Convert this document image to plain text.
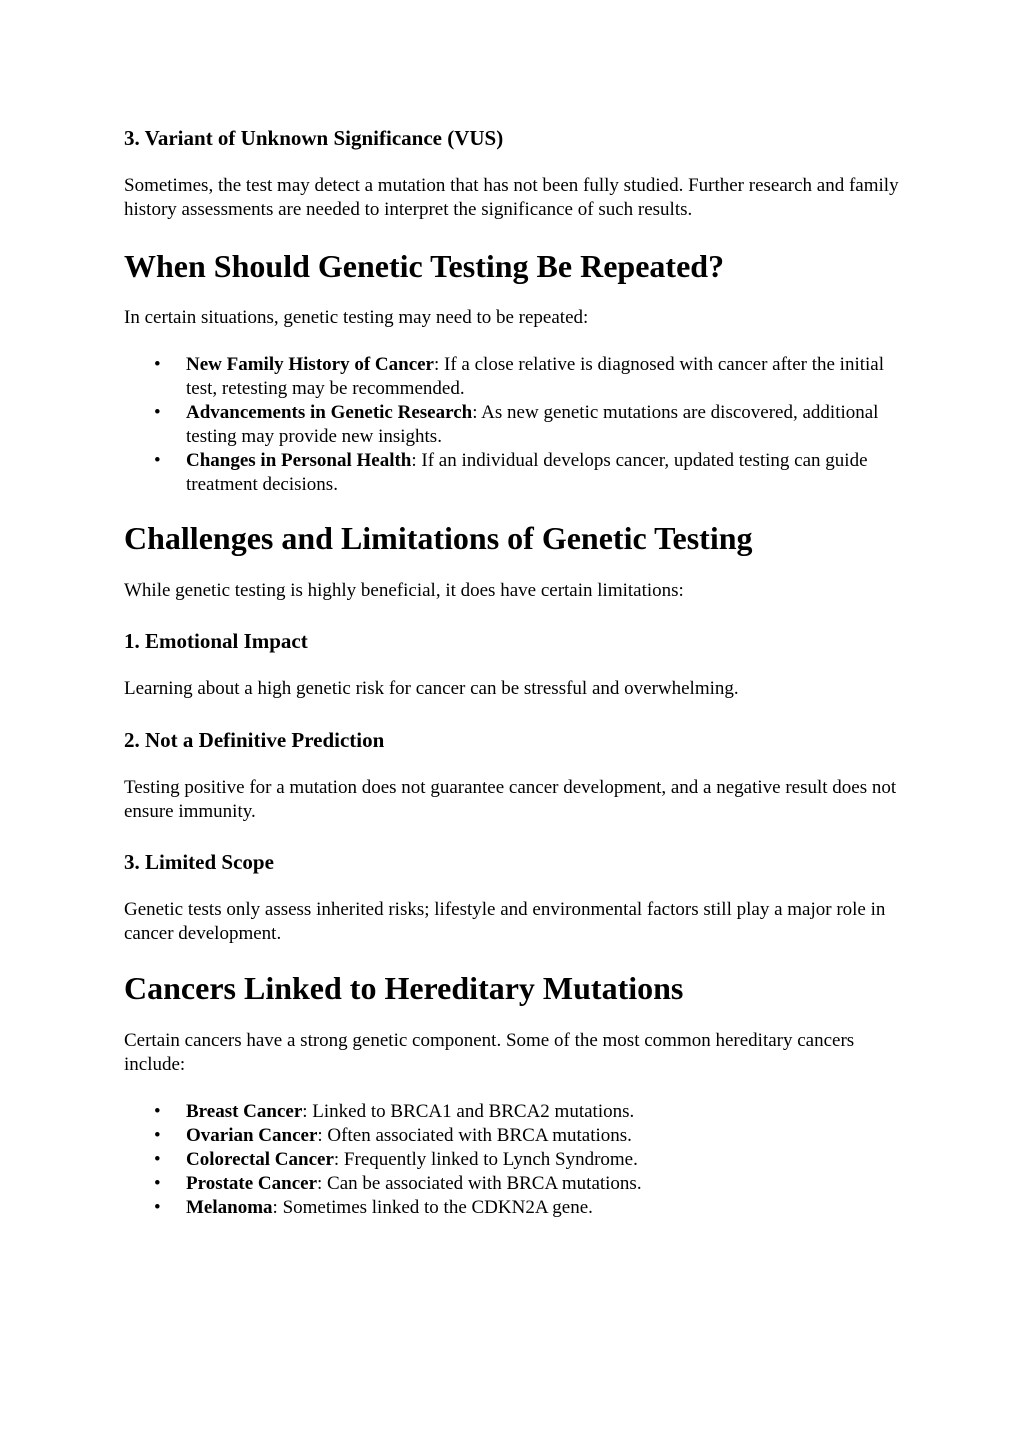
3. Variant of Unknown Significance (VUS)

Sometimes, the test may detect a mutation that has not been fully studied. Further research and family history assessments are needed to interpret the significance of such results.

When Should Genetic Testing Be Repeated?

In certain situations, genetic testing may need to be repeated:

• New Family History of Cancer: If a close relative is diagnosed with cancer after the initial test, retesting may be recommended.
• Advancements in Genetic Research: As new genetic mutations are discovered, additional testing may provide new insights.
• Changes in Personal Health: If an individual develops cancer, updated testing can guide treatment decisions.
Challenges and Limitations of Genetic Testing

While genetic testing is highly beneficial, it does have certain limitations:

1. Emotional Impact

Learning about a high genetic risk for cancer can be stressful and overwhelming.

2. Not a Definitive Prediction

Testing positive for a mutation does not guarantee cancer development, and a negative result does not ensure immunity.

3. Limited Scope

Genetic tests only assess inherited risks; lifestyle and environmental factors still play a major role in cancer development.

Cancers Linked to Hereditary Mutations

Certain cancers have a strong genetic component. Some of the most common hereditary cancers include:

• Breast Cancer: Linked to BRCA1 and BRCA2 mutations.
• Ovarian Cancer: Often associated with BRCA mutations.
• Colorectal Cancer: Frequently linked to Lynch Syndrome.
• Prostate Cancer: Can be associated with BRCA mutations.
• Melanoma: Sometimes linked to the CDKN2A gene.
